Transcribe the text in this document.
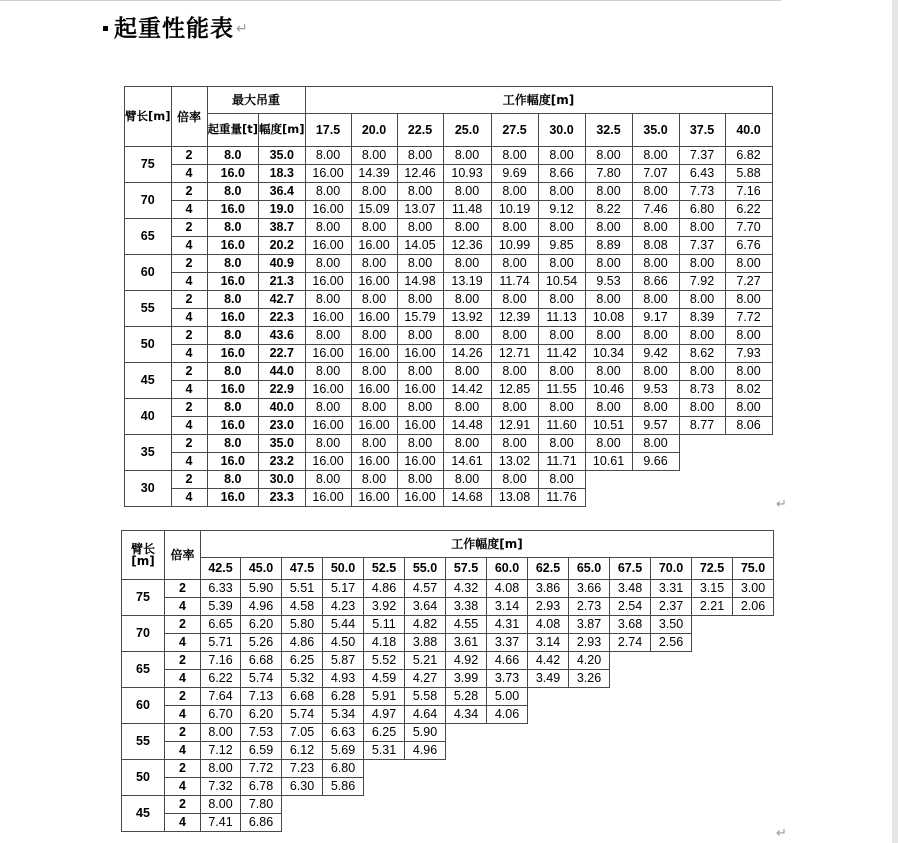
起重性能表 ↵
臂长[m]	倍率	最大吊重		工作幅度[m]									
		起重量[t]	幅度[m]	17.5	20.0	22.5	25.0	27.5	30.0	32.5	35.0	37.5	40.0
75	2	8.0	35.0	8.00	8.00	8.00	8.00	8.00	8.00	8.00	8.00	7.37	6.82
	4	16.0	18.3	16.00	14.39	12.46	10.93	9.69	8.66	7.80	7.07	6.43	5.88
70	2	8.0	36.4	8.00	8.00	8.00	8.00	8.00	8.00	8.00	8.00	7.73	7.16
	4	16.0	19.0	16.00	15.09	13.07	11.48	10.19	9.12	8.22	7.46	6.80	6.22
65	2	8.0	38.7	8.00	8.00	8.00	8.00	8.00	8.00	8.00	8.00	8.00	7.70
	4	16.0	20.2	16.00	16.00	14.05	12.36	10.99	9.85	8.89	8.08	7.37	6.76
60	2	8.0	40.9	8.00	8.00	8.00	8.00	8.00	8.00	8.00	8.00	8.00	8.00
	4	16.0	21.3	16.00	16.00	14.98	13.19	11.74	10.54	9.53	8.66	7.92	7.27
55	2	8.0	42.7	8.00	8.00	8.00	8.00	8.00	8.00	8.00	8.00	8.00	8.00
	4	16.0	22.3	16.00	16.00	15.79	13.92	12.39	11.13	10.08	9.17	8.39	7.72
50	2	8.0	43.6	8.00	8.00	8.00	8.00	8.00	8.00	8.00	8.00	8.00	8.00
	4	16.0	22.7	16.00	16.00	16.00	14.26	12.71	11.42	10.34	9.42	8.62	7.93
45	2	8.0	44.0	8.00	8.00	8.00	8.00	8.00	8.00	8.00	8.00	8.00	8.00
	4	16.0	22.9	16.00	16.00	16.00	14.42	12.85	11.55	10.46	9.53	8.73	8.02
40	2	8.0	40.0	8.00	8.00	8.00	8.00	8.00	8.00	8.00	8.00	8.00	8.00
	4	16.0	23.0	16.00	16.00	16.00	14.48	12.91	11.60	10.51	9.57	8.77	8.06
35	2	8.0	35.0	8.00	8.00	8.00	8.00	8.00	8.00	8.00	8.00		
	4	16.0	23.2	16.00	16.00	16.00	14.61	13.02	11.71	10.61	9.66		
30	2	8.0	30.0	8.00	8.00	8.00	8.00	8.00	8.00				
	4	16.0	23.3	16.00	16.00	16.00	14.68	13.08	11.76					↵
臂长[m]	倍率	工作幅度[m]													
		42.5	45.0	47.5	50.0	52.5	55.0	57.5	60.0	62.5	65.0	67.5	70.0	72.5	75.0
75	2	6.33	5.90	5.51	5.17	4.86	4.57	4.32	4.08	3.86	3.66	3.48	3.31	3.15	3.00
	4	5.39	4.96	4.58	4.23	3.92	3.64	3.38	3.14	2.93	2.73	2.54	2.37	2.21	2.06
70	2	6.65	6.20	5.80	5.44	5.11	4.82	4.55	4.31	4.08	3.87	3.68	3.50		
	4	5.71	5.26	4.86	4.50	4.18	3.88	3.61	3.37	3.14	2.93	2.74	2.56		
65	2	7.16	6.68	6.25	5.87	5.52	5.21	4.92	4.66	4.42	4.20				
	4	6.22	5.74	5.32	4.93	4.59	4.27	3.99	3.73	3.49	3.26				
60	2	7.64	7.13	6.68	6.28	5.91	5.58	5.28	5.00						
	4	6.70	6.20	5.74	5.34	4.97	4.64	4.34	4.06						
55	2	8.00	7.53	7.05	6.63	6.25	5.90								
	4	7.12	6.59	6.12	5.69	5.31	4.96								
50	2	8.00	7.72	7.23	6.80										
	4	7.32	6.78	6.30	5.86										
45	2	8.00	7.80												
	4	7.41	6.86												
↵
